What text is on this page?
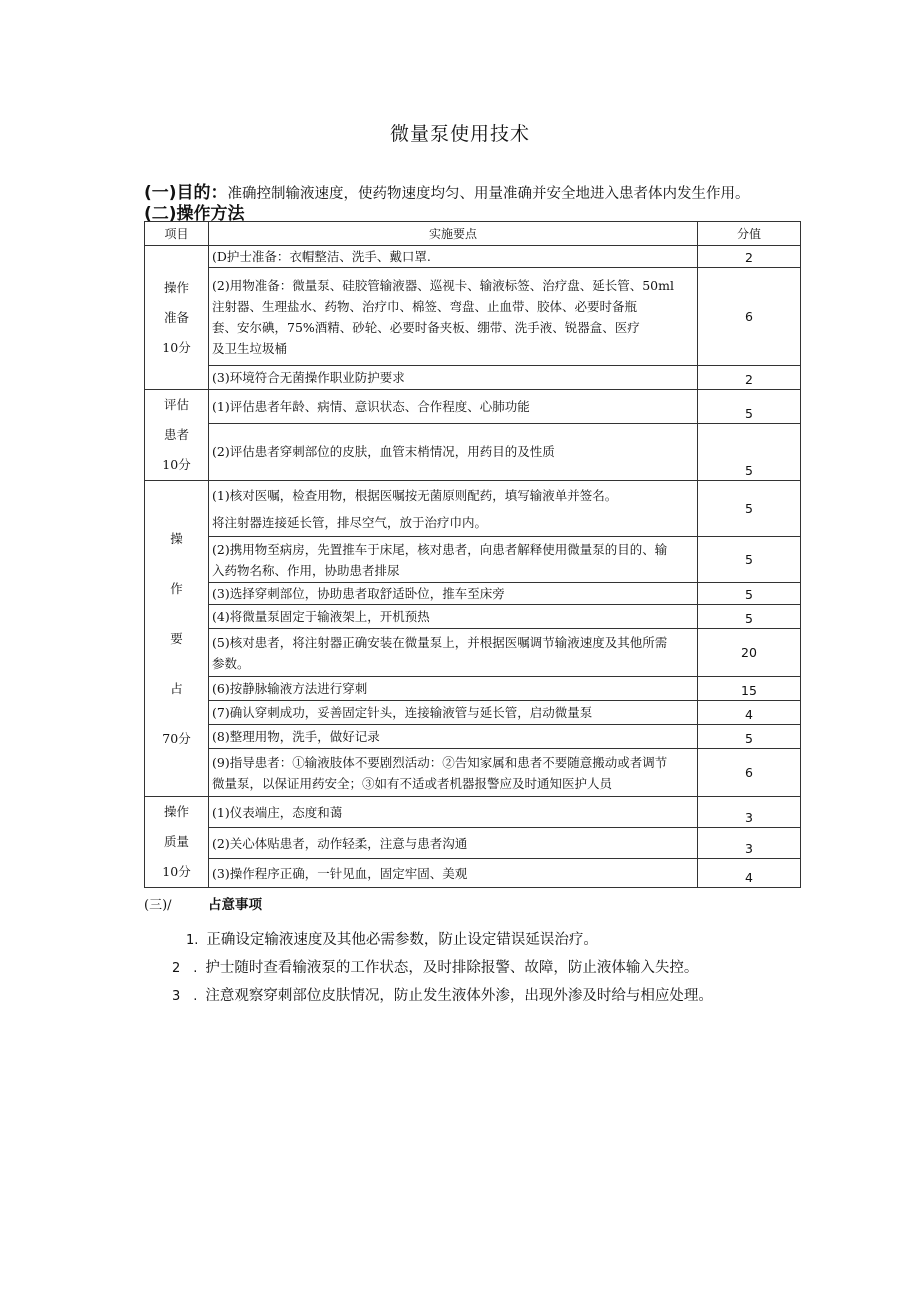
微量泵使用技术
(一)目的：准确控制输液速度，使药物速度均匀、用量准确并安全地进入患者体内发生作用。
(二)操作方法
项目	实施要点	分值
操作
准备
10分	(D护士准备：衣帽整洁、洗手、戴口罩.	2

	(2)用物准备：微量泵、硅胶管输液器、巡视卡、输液标签、治疗盘、延长管、50ml
注射器、生理盐水、药物、治疗巾、棉签、弯盘、止血带、胶体、必要时备瓶
套、安尔碘，75%酒精、砂轮、必要时备夹板、绷带、洗手液、锐器盒、医疗
及卫生垃圾桶	6

	(3)环境符合无菌操作职业防护要求	2
评估
患者
10分	(1)评估患者年龄、病情、意识状态、合作程度、心肺功能	5

	(2)评估患者穿刺部位的皮肤，血管末梢情况，用药目的及性质	5
操
作
要
占
70分	(1)核对医嘱，检查用物，根据医嘱按无菌原则配药，填写输液单并签名。
将注射器连接延长管，排尽空气，放于治疗巾内。	5

	(2)携用物至病房，先置推车于床尾，核对患者，向患者解释使用微量泵的目的、输
入药物名称、作用，协助患者排尿	5

	(3)选择穿刺部位，协助患者取舒适卧位，推车至床旁	5

	(4)将微量泵固定于输液架上，开机预热	5

	(5)核对患者，将注射器正确安装在微量泵上，并根据医嘱调节输液速度及其他所需
参数。	20

	(6)按静脉输液方法进行穿刺	15

	(7)确认穿刺成功，妥善固定针头，连接输液管与延长管，启动微量泵	4

	(8)整理用物，洗手，做好记录	5

	(9)指导患者：①输液肢体不要剧烈活动：②告知家属和患者不要随意搬动或者调节
微量泵，以保证用药安全；③如有不适或者机器报警应及时通知医护人员	6
操作
质量
10分	(1)仪表端庄，态度和蔼	3

	(2)关心体贴患者，动作轻柔，注意与患者沟通	3

	(3)操作程序正确，一针见血，固定牢固、美观	4
(三)/	占意事项
1. 正确设定输液速度及其他必需参数，防止设定错误延误治疗。
2　. 护士随时查看输液泵的工作状态，及时排除报警、故障，防止液体输入失控。
3　. 注意观察穿刺部位皮肤情况，防止发生液体外渗，出现外渗及时给与相应处理。
